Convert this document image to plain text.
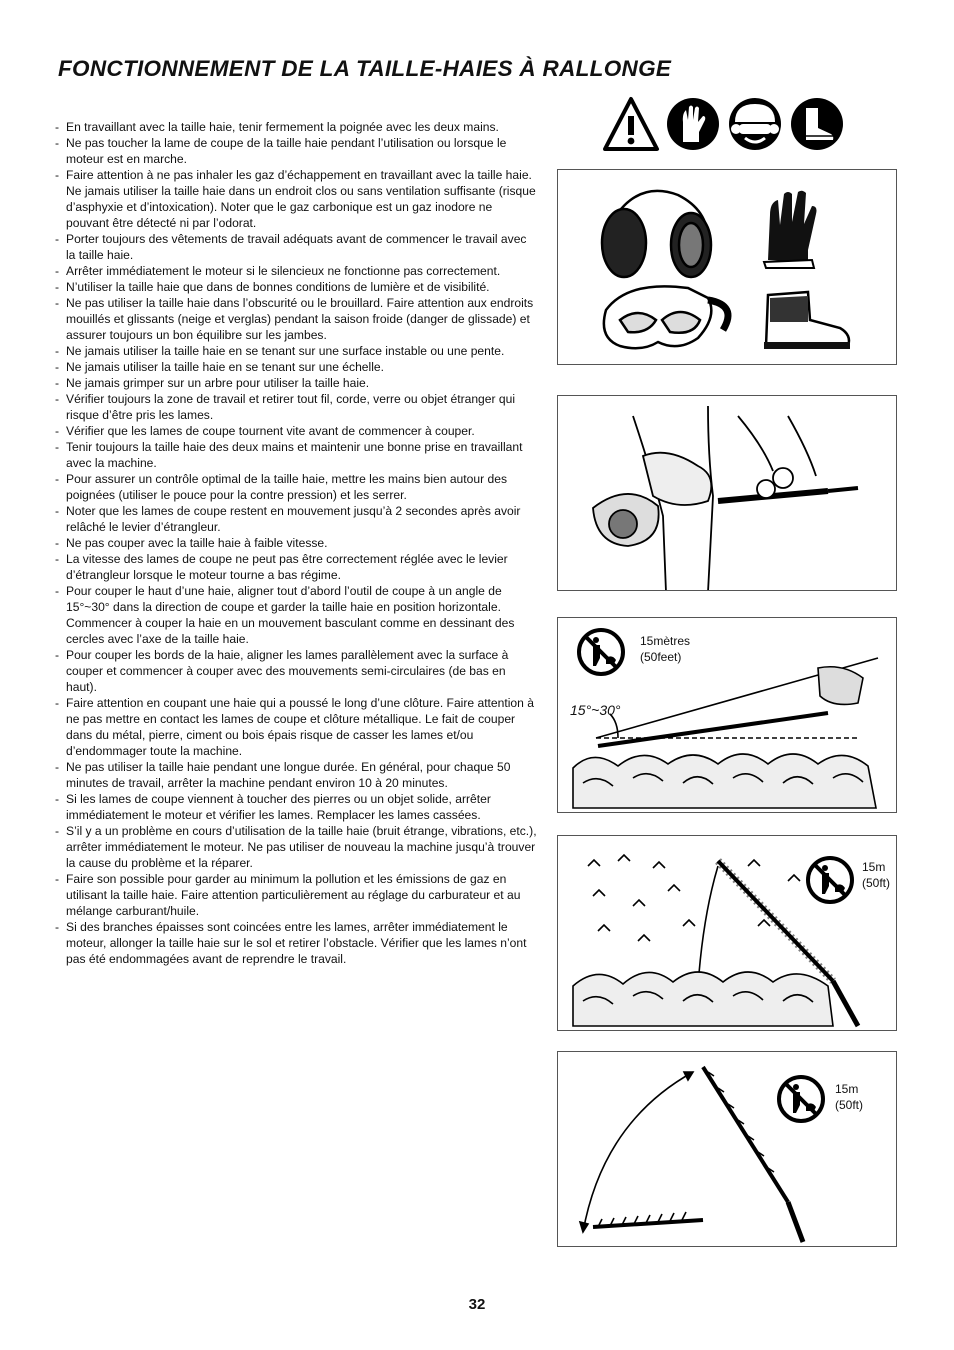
FONCTIONNEMENT DE LA TAILLE-HAIES À RALLONGE
- En travaillant avec la taille haie, tenir fermement la poignée avec les deux mains.
- Ne pas toucher la lame de coupe de la taille haie pendant l’utilisation ou lorsque le moteur est en marche.
- Faire attention à ne pas inhaler les gaz d’échappement en travaillant avec la taille haie. Ne jamais utiliser la taille haie dans un endroit clos ou sans ventilation suffisante (risque d’asphyxie et d’intoxication). Noter que le gaz carbonique est un gaz inodore ne pouvant être détecté ni par l’odorat.
- Porter toujours des vêtements de travail adéquats avant de commencer le travail avec la taille haie.
- Arrêter immédiatement le moteur si le silencieux ne fonctionne pas correctement.
- N’utiliser la taille haie que dans de bonnes conditions de lumière et de visibilité.
- Ne pas utiliser la taille haie dans l’obscurité ou le brouillard. Faire attention aux endroits mouillés et glissants (neige et verglas) pendant la saison froide (danger de glissade) et assurer toujours un bon équilibre sur les jambes.
- Ne jamais utiliser la taille haie en se tenant sur une surface instable ou une pente.
- Ne jamais utiliser la taille haie en se tenant sur une échelle.
- Ne jamais grimper sur un arbre pour utiliser la taille haie.
- Vérifier toujours la zone de travail et retirer tout fil, corde, verre ou objet étranger qui risque d’être pris les lames.
- Vérifier que les lames de coupe tournent vite avant de commencer à couper.
- Tenir toujours la taille haie des deux mains et maintenir une bonne prise en travaillant avec la machine.
- Pour assurer un contrôle optimal de la taille haie, mettre les mains bien autour des poignées (utiliser le pouce pour la contre pression) et les serrer.
- Noter que les lames de coupe restent en mouvement jusqu’à 2 secondes après avoir relâché le levier d’étrangleur.
- Ne pas couper avec la taille haie à faible vitesse.
- La vitesse des lames de coupe ne peut pas être correctement réglée avec le levier d’étrangleur lorsque le moteur tourne a bas régime.
- Pour couper le haut d’une haie, aligner tout d’abord l’outil de coupe à un angle de 15°~30° dans la direction de coupe et garder la taille haie en position horizontale. Commencer à couper la haie en un mouvement basculant comme en dessinant des cercles avec l’axe de la taille haie.
- Pour couper les bords de la haie, aligner les lames parallèlement avec la surface à couper et commencer à couper avec des mouvements semi-circulaires (de bas en haut).
- Faire attention en coupant une haie qui a poussé le long d’une clôture. Faire attention à ne pas mettre en contact les lames de coupe et clôture métallique. Le fait de couper dans du métal, pierre, ciment ou bois épais risque de casser les lames et/ou d’endommager toute la machine.
- Ne pas utiliser la taille haie pendant une longue durée. En général, pour chaque 50 minutes de travail, arrêter la machine pendant environ 10 à 20 minutes.
- Si les lames de coupe viennent à toucher des pierres ou un objet solide, arrêter immédiatement le moteur et vérifier les lames. Remplacer les lames cassées.
- S’il y a un problème en cours d’utilisation de la taille haie (bruit étrange, vibrations, etc.), arrêter immédiatement le moteur. Ne pas utiliser de nouveau la machine jusqu’à trouver la cause du problème et la réparer.
- Faire son possible pour garder au minimum la pollution et les émissions de gaz en utilisant la taille haie. Faire attention particulièrement au réglage du carburateur et au mélange carburant/huile.
- Si des branches épaisses sont coincées entre les lames, arrêter immédiatement le moteur, allonger la taille haie sur le sol et retirer l’obstacle. Vérifier que les lames n’ont pas été endommagées avant de reprendre le travail.
15°~30°
15mètres
(50feet)
15m
(50ft)
15m
(50ft)
32
